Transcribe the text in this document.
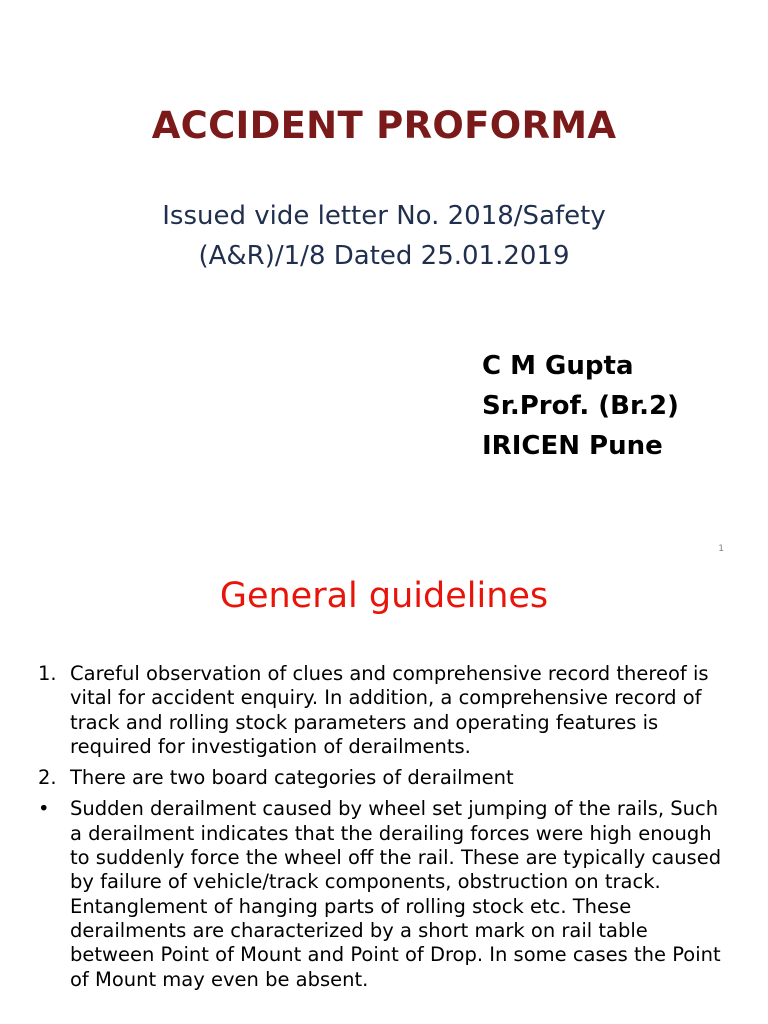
ACCIDENT PROFORMA
Issued vide letter No. 2018/Safety
(A&R)/1/8 Dated 25.01.2019
C M Gupta
Sr.Prof. (Br.2)
IRICEN Pune
1
General guidelines
1. Careful observation of clues and comprehensive record thereof is vital for accident enquiry. In addition, a comprehensive record of track and rolling stock parameters and operating features is required for investigation of derailments.
2. There are two board categories of derailment
• Sudden derailment caused by wheel set jumping of the rails, Such a derailment indicates that the derailing forces were high enough to suddenly force the wheel off the rail. These are typically caused by failure of vehicle/track components, obstruction on track. Entanglement of hanging parts of rolling stock etc. These derailments are characterized by a short mark on rail table between Point of Mount and Point of Drop. In some cases the Point of Mount may even be absent.
